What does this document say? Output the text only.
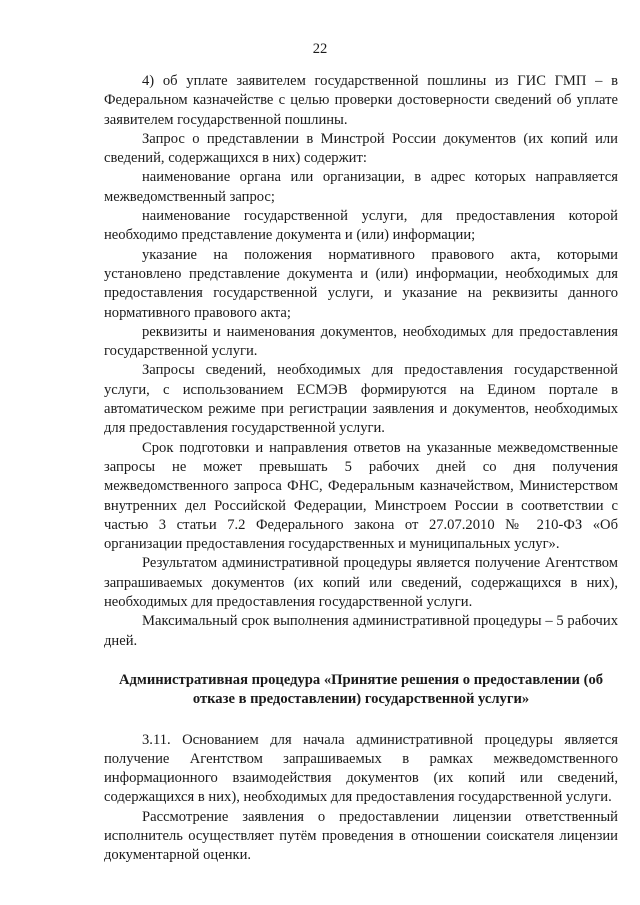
22

4) об уплате заявителем государственной пошлины из ГИС ГМП – в Федеральном казначействе с целью проверки достоверности сведений об уплате заявителем государственной пошлины.

Запрос о представлении в Минстрой России документов (их копий или сведений, содержащихся в них) содержит:

наименование органа или организации, в адрес которых направляется межведомственный запрос;

наименование государственной услуги, для предоставления которой необходимо представление документа и (или) информации;

указание на положения нормативного правового акта, которыми установлено представление документа и (или) информации, необходимых для предоставления государственной услуги, и указание на реквизиты данного нормативного правового акта;

реквизиты и наименования документов, необходимых для предоставления государственной услуги.

Запросы сведений, необходимых для предоставления государственной услуги, с использованием ЕСМЭВ формируются на Едином портале в автоматическом режиме при регистрации заявления и документов, необходимых для предоставления государственной услуги.

Срок подготовки и направления ответов на указанные межведомственные запросы не может превышать 5 рабочих дней со дня получения межведомственного запроса ФНС, Федеральным казначейством, Министерством внутренних дел Российской Федерации, Минстроем России в соответствии с частью 3 статьи 7.2 Федерального закона от 27.07.2010 № 210-ФЗ «Об организации предоставления государственных и муниципальных услуг».

Результатом административной процедуры является получение Агентством запрашиваемых документов (их копий или сведений, содержащихся в них), необходимых для предоставления государственной услуги.

Максимальный срок выполнения административной процедуры – 5 рабочих дней.

Административная процедура «Принятие решения о предоставлении (об отказе в предоставлении) государственной услуги»

3.11. Основанием для начала административной процедуры является получение Агентством запрашиваемых в рамках межведомственного информационного взаимодействия документов (их копий или сведений, содержащихся в них), необходимых для предоставления государственной услуги.

Рассмотрение заявления о предоставлении лицензии ответственный исполнитель осуществляет путём проведения в отношении соискателя лицензии документарной оценки.
